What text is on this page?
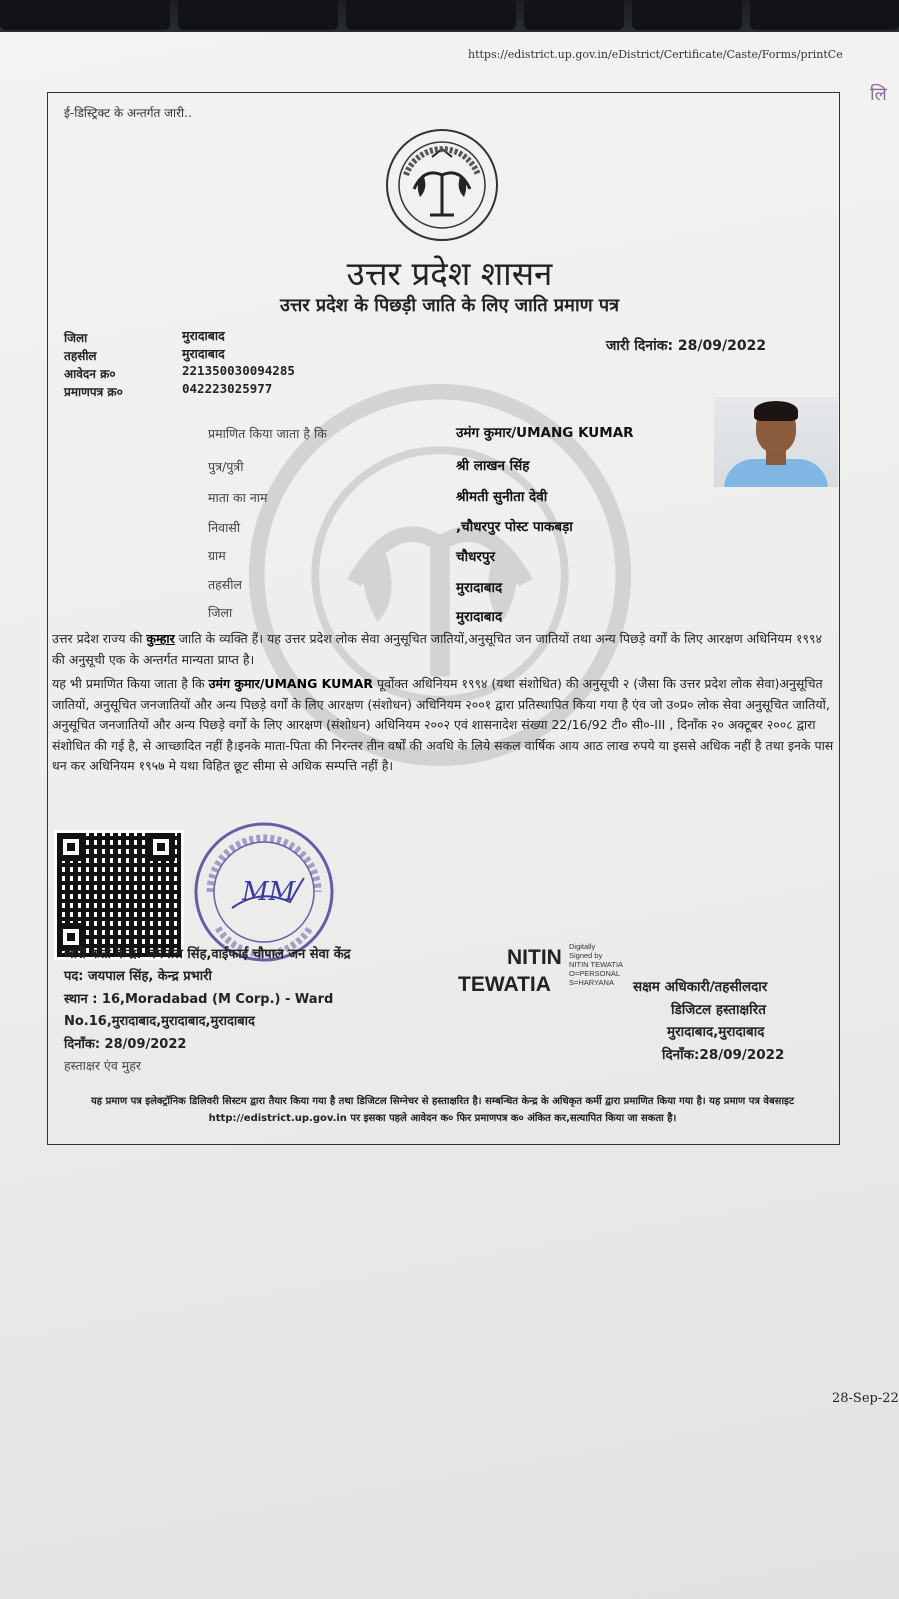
https://edistrict.up.gov.in/eDistrict/Certificate/Caste/Forms/printCe
लि
ई-डिस्ट्रिक्ट के अन्तर्गत जारी..
उत्तर प्रदेश शासन
उत्तर प्रदेश के पिछड़ी जाति के लिए जाति प्रमाण पत्र
जिला	मुरादाबाद
तहसील	मुरादाबाद
आवेदन क्र०	221350030094285
प्रमाणपत्र क्र०	042223025977
जारी दिनांक: 28/09/2022
प्रमाणित किया जाता है कि	उमंग कुमार/UMANG KUMAR
पुत्र/पुत्री	श्री लाखन सिंह
माता का नाम	श्रीमती सुनीता देवी
निवासी	,चौधरपुर पोस्ट पाकबड़ा
ग्राम	चौधरपुर
तहसील	मुरादाबाद
जिला	मुरादाबाद
उत्तर प्रदेश राज्य की कुम्हार जाति के व्यक्ति हैं। यह उत्तर प्रदेश लोक सेवा अनुसूचित जातियों,अनुसूचित जन जातियों तथा अन्य पिछड़े वर्गों के लिए आरक्षण अधिनियम १९९४ की अनुसूची एक के अन्तर्गत मान्यता प्राप्त है।
यह भी प्रमाणित किया जाता है कि उमंग कुमार/UMANG KUMAR पूर्वोक्त अधिनियम १९९४ (यथा संशोधित) की अनुसूची २ (जैसा कि उत्तर प्रदेश लोक सेवा)अनुसूचित जातियों, अनुसूचित जनजातियों और अन्य पिछड़े वर्गों के लिए आरक्षण (संशोधन) अधिनियम २००१ द्वारा प्रतिस्थापित किया गया है एंव जो उ०प्र० लोक सेवा अनुसूचित जातियों, अनुसूचित जनजातियों और अन्य पिछड़े वर्गों के लिए आरक्षण (संशोधन) अधिनियम २००२ एवं शासनादेश संख्या 22/16/92 टी० सी०-III , दिनाँक २० अक्टूबर २००८ द्वारा संशोधित की गई है, से आच्छादित नहीं है।इनके माता-पिता की निरन्तर तीन वर्षों की अवधि के लिये सकल वार्षिक आय आठ लाख रुपये या इससे अधिक नहीं है तथा इनके पास धन कर अधिनियम १९५७ मे यथा विहित छूट सीमा से अधिक सम्पत्ति नहीं है।
MM
जारी कर्ता केन्द्र: जयपाल सिंह,वाईफाई चौपाल जन सेवा केंद्र
पद: जयपाल सिंह, केन्द्र प्रभारी
स्थान : 16,Moradabad (M Corp.) - Ward
No.16,मुरादाबाद,मुरादाबाद,मुरादाबाद
दिनाँक: 28/09/2022
हस्ताक्षर एंव मुहर
NITIN
TEWATIA
Digitally
Signed by
NITIN TEWATIA
O=PERSONAL
S=HARYANA	सक्षम अधिकारी/तहसीलदार
डिजिटल हस्ताक्षरित
मुरादाबाद,मुरादाबाद
दिनाँक:28/09/2022
यह प्रमाण पत्र इलेक्ट्रॉनिक डिलिवरी सिस्टम द्वारा तैयार किया गया है तथा डिजिटल सिग्नेचर से हस्ताक्षरित है। सम्बन्धित केन्द्र के अधिकृत कर्मी द्वारा प्रमाणित किया गया है। यह प्रमाण पत्र वेबसाइट http://edistrict.up.gov.in पर इसका पहले आवेदन क० फिर प्रमाणपत्र क० अंकित कर,सत्यापित किया जा सकता है।
28-Sep-22
